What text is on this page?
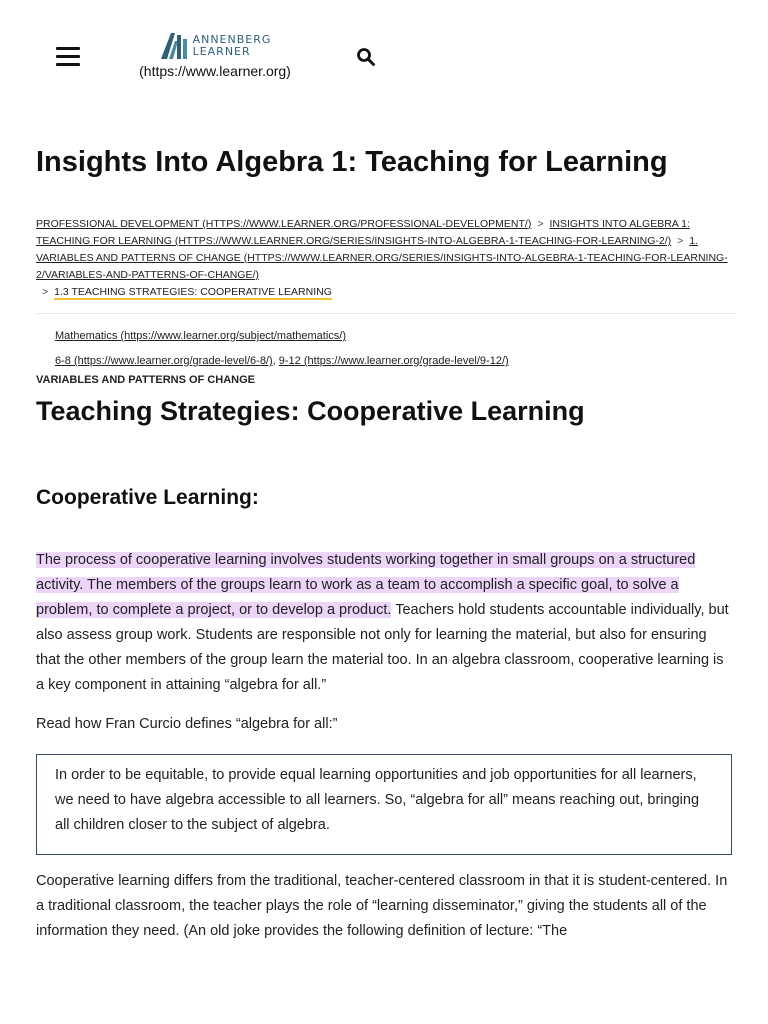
ANNENBERG
LEARNER
(https://www.learner.org)
Insights Into Algebra 1: Teaching for Learning
PROFESSIONAL DEVELOPMENT (HTTPS://WWW.LEARNER.ORG/PROFESSIONAL-DEVELOPMENT/) > INSIGHTS INTO ALGEBRA 1: TEACHING FOR LEARNING (HTTPS://WWW.LEARNER.ORG/SERIES/INSIGHTS-INTO-ALGEBRA-1-TEACHING-FOR-LEARNING-2/) > 1. VARIABLES AND PATTERNS OF CHANGE (HTTPS://WWW.LEARNER.ORG/SERIES/INSIGHTS-INTO-ALGEBRA-1-TEACHING-FOR-LEARNING-2/VARIABLES-AND-PATTERNS-OF-CHANGE/)
> 1.3 TEACHING STRATEGIES: COOPERATIVE LEARNING
Mathematics (https://www.learner.org/subject/mathematics/)
6-8 (https://www.learner.org/grade-level/6-8/), 9-12 (https://www.learner.org/grade-level/9-12/)
VARIABLES AND PATTERNS OF CHANGE
Teaching Strategies: Cooperative Learning
Cooperative Learning:

The process of cooperative learning involves students working together in small groups on a structured activity. The members of the groups learn to work as a team to accomplish a specific goal, to solve a problem, to complete a project, or to develop a product. Teachers hold students accountable individually, but also assess group work. Students are responsible not only for learning the material, but also for ensuring that the other members of the group learn the material too. In an algebra classroom, cooperative learning is a key component in attaining “algebra for all.”

Read how Fran Curcio defines “algebra for all:”

In order to be equitable, to provide equal learning opportunities and job opportunities for all learners, we need to have algebra accessible to all learners. So, “algebra for all” means reaching out, bringing all children closer to the subject of algebra.

Cooperative learning differs from the traditional, teacher-centered classroom in that it is student-centered. In a traditional classroom, the teacher plays the role of “learning disseminator,” giving the students all of the information they need. (An old joke provides the following definition of lecture: “The
